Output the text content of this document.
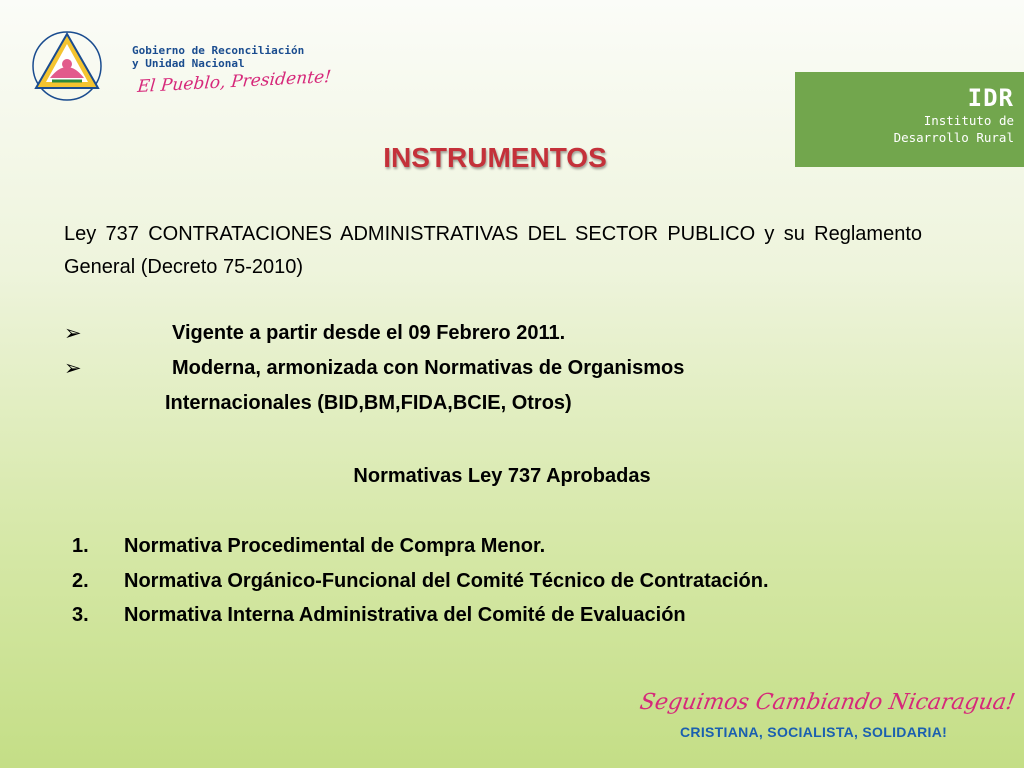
Gobierno de Reconciliación
y Unidad Nacional
El Pueblo, Presidente!
IDR
Instituto de
Desarrollo Rural
INSTRUMENTOS
Ley 737 CONTRATACIONES ADMINISTRATIVAS DEL SECTOR PUBLICO y su Reglamento General (Decreto 75-2010)
➢	Vigente a partir desde el 09 Febrero 2011.
➢	Moderna, armonizada con Normativas de Organismos
Internacionales (BID,BM,FIDA,BCIE, Otros)
Normativas Ley 737 Aprobadas
1. Normativa Procedimental de Compra Menor.
2. Normativa Orgánico-Funcional del Comité Técnico de Contratación.
3. Normativa Interna Administrativa del Comité de Evaluación
Seguimos Cambiando Nicaragua!
CRISTIANA, SOCIALISTA, SOLIDARIA!
